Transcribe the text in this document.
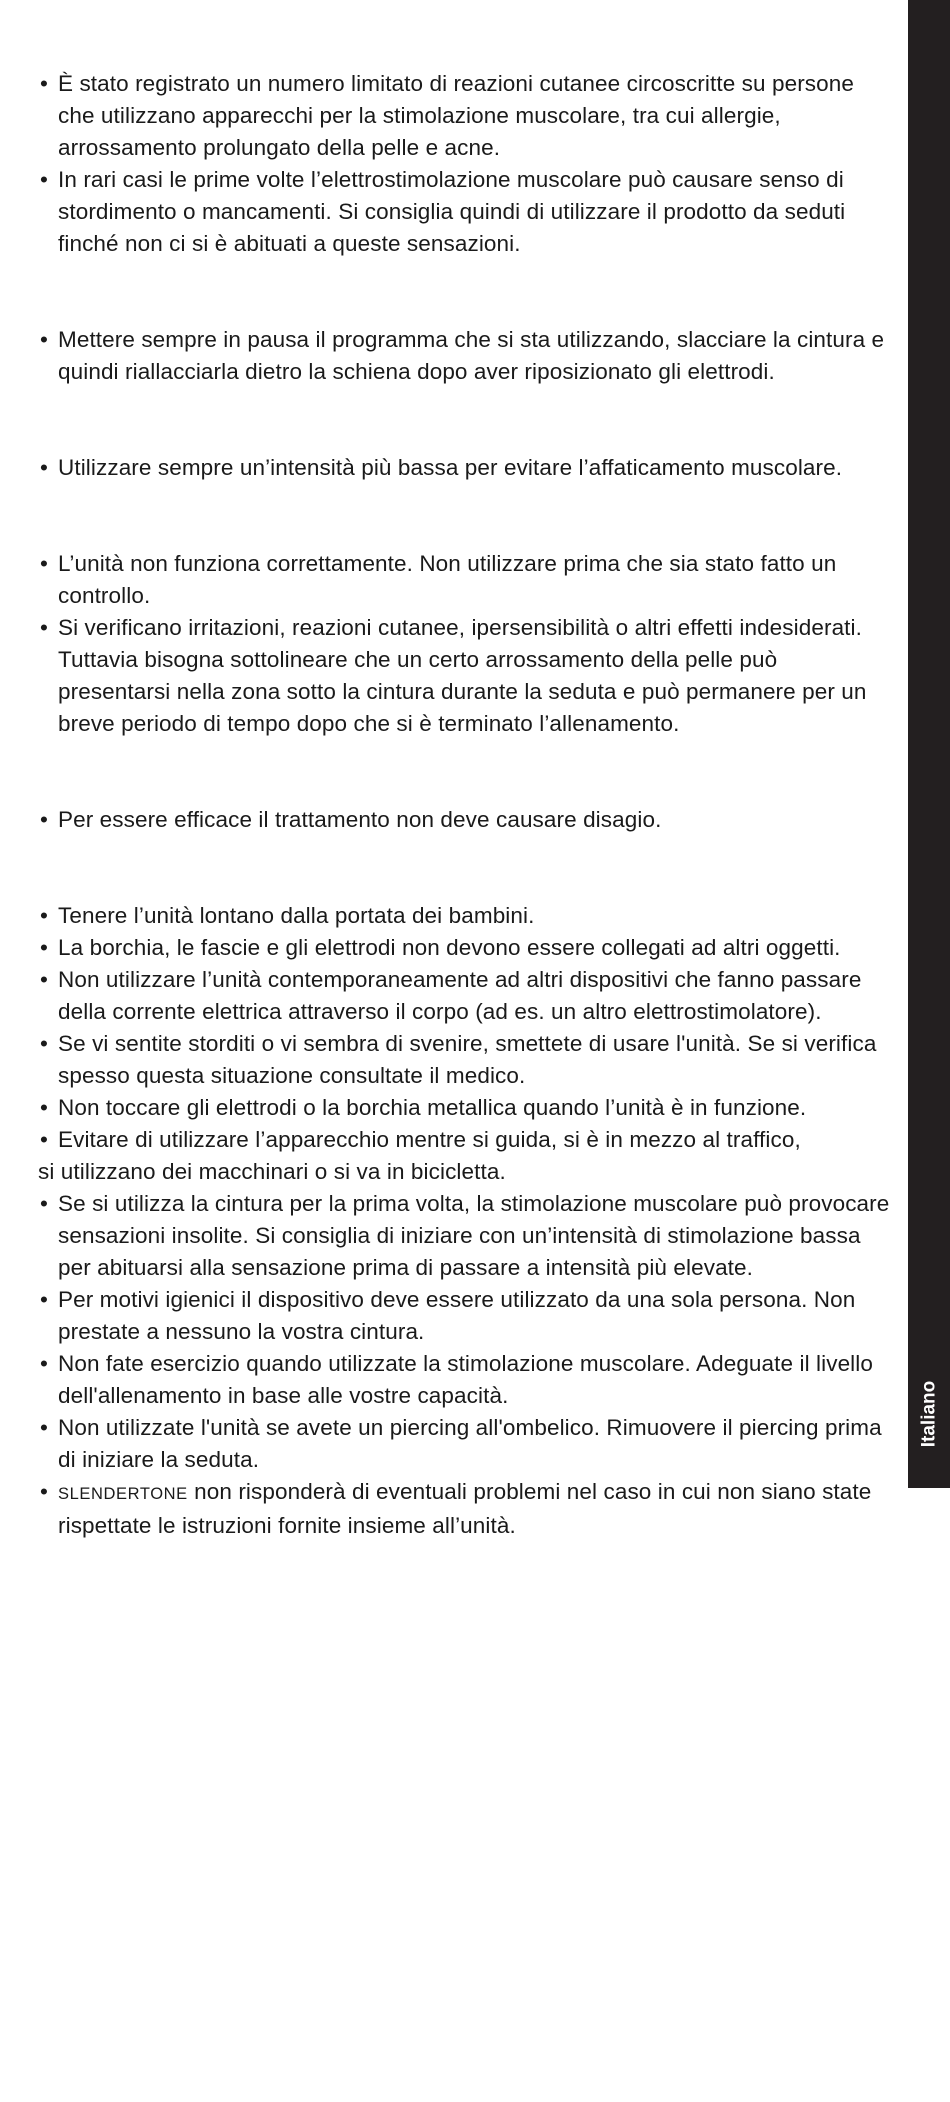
• È stato registrato un numero limitato di reazioni cutanee circoscritte su persone che utilizzano apparecchi per la stimolazione muscolare, tra cui allergie, arrossamento prolungato della pelle e acne.

• In rari casi le prime volte l’elettrostimolazione muscolare può causare senso di stordimento o mancamenti. Si consiglia quindi di utilizzare il prodotto da seduti finché non ci si è abituati a queste sensazioni.

• Mettere sempre in pausa il programma che si sta utilizzando, slacciare la cintura e quindi riallacciarla dietro la schiena dopo aver riposizionato gli elettrodi.

• Utilizzare sempre un’intensità più bassa per evitare l’affaticamento muscolare.

• L’unità non funziona correttamente. Non utilizzare prima che sia stato fatto un controllo.

• Si verificano irritazioni, reazioni cutanee, ipersensibilità o altri effetti indesiderati. Tuttavia bisogna sottolineare che un certo arrossamento della pelle può presentarsi nella zona sotto la cintura durante la seduta e può permanere per un breve periodo di tempo dopo che si è terminato l’allenamento.

• Per essere efficace il trattamento non deve causare disagio.

• Tenere l’unità lontano dalla portata dei bambini.

• La borchia, le fascie e gli elettrodi non devono essere collegati ad altri oggetti.

• Non utilizzare l’unità contemporaneamente ad altri dispositivi che fanno passare della corrente elettrica attraverso il corpo (ad es. un altro elettrostimolatore).

• Se vi sentite storditi o vi sembra di svenire, smettete di usare l'unità. Se si verifica spesso questa situazione consultate il medico.

• Non toccare gli elettrodi o la borchia metallica quando l’unità è in funzione.

• Evitare di utilizzare l’apparecchio mentre si guida, si è in mezzo al traffico,
si utilizzano dei macchinari o si va in bicicletta.

• Se si utilizza la cintura per la prima volta, la stimolazione muscolare può provocare sensazioni insolite. Si consiglia di iniziare con un’intensità di stimolazione bassa per abituarsi alla sensazione prima di passare a intensità più elevate.

• Per motivi igienici il dispositivo deve essere utilizzato da una sola persona. Non prestate a nessuno la vostra cintura.

• Non fate esercizio quando utilizzate la stimolazione muscolare. Adeguate il livello dell'allenamento in base alle vostre capacità.

• Non utilizzate l'unità se avete un piercing all'ombelico. Rimuovere il piercing prima di iniziare la seduta.

• SLENDERTONE non risponderà di eventuali problemi nel caso in cui non siano state rispettate le istruzioni fornite insieme all’unità.

Italiano
